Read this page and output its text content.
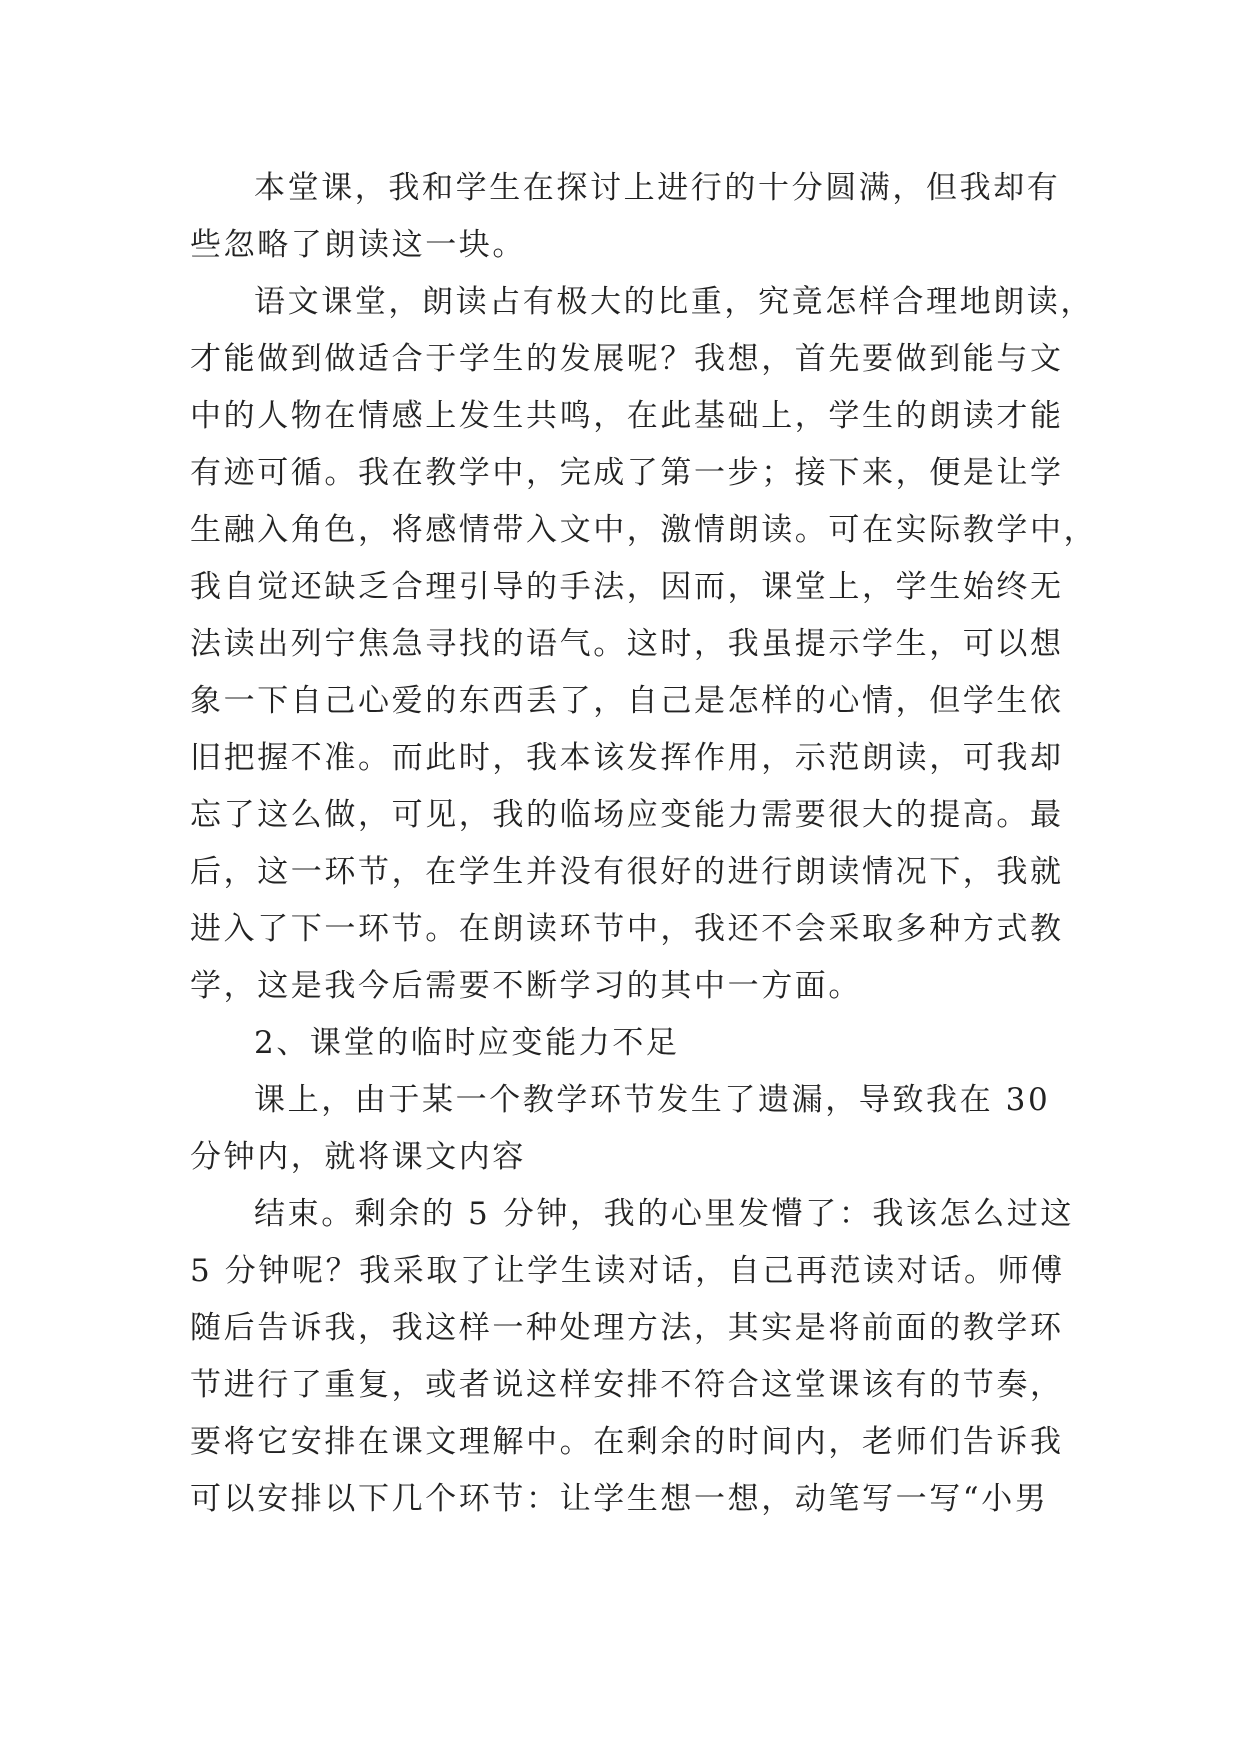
本堂课，我和学生在探讨上进行的十分圆满，但我却有
些忽略了朗读这一块。
语文课堂，朗读占有极大的比重，究竟怎样合理地朗读，
才能做到做适合于学生的发展呢？我想，首先要做到能与文
中的人物在情感上发生共鸣，在此基础上，学生的朗读才能
有迹可循。我在教学中，完成了第一步；接下来，便是让学
生融入角色，将感情带入文中，激情朗读。可在实际教学中，
我自觉还缺乏合理引导的手法，因而，课堂上，学生始终无
法读出列宁焦急寻找的语气。这时，我虽提示学生，可以想
象一下自己心爱的东西丢了，自己是怎样的心情，但学生依
旧把握不准。而此时，我本该发挥作用，示范朗读，可我却
忘了这么做，可见，我的临场应变能力需要很大的提高。最
后，这一环节，在学生并没有很好的进行朗读情况下，我就
进入了下一环节。在朗读环节中，我还不会采取多种方式教
学，这是我今后需要不断学习的其中一方面。
2、课堂的临时应变能力不足
课上，由于某一个教学环节发生了遗漏，导致我在 30
分钟内，就将课文内容
结束。剩余的 5 分钟，我的心里发懵了：我该怎么过这
5 分钟呢？我采取了让学生读对话，自己再范读对话。师傅
随后告诉我，我这样一种处理方法，其实是将前面的教学环
节进行了重复，或者说这样安排不符合这堂课该有的节奏，
要将它安排在课文理解中。在剩余的时间内，老师们告诉我
可以安排以下几个环节：让学生想一想，动笔写一写“小男
